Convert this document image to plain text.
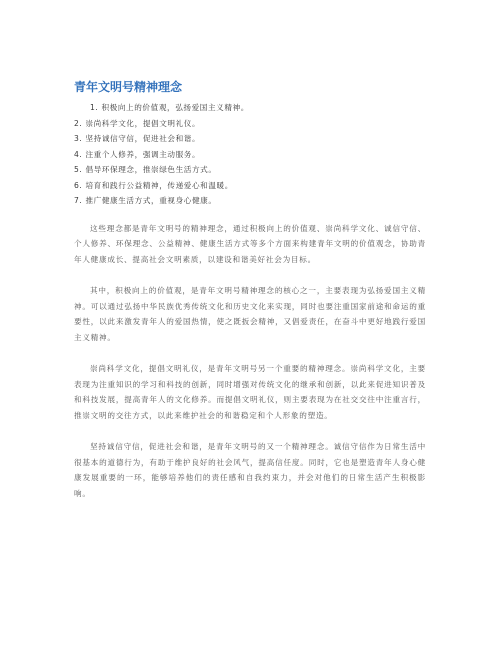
青年文明号精神理念
1. 积极向上的价值观，弘扬爱国主义精神。
2. 崇尚科学文化，提倡文明礼仪。
3. 坚持诚信守信，促进社会和谐。
4. 注重个人修养，强调主动服务。
5. 倡导环保理念，推崇绿色生活方式。
6. 培育和践行公益精神，传递爱心和温暖。
7. 推广健康生活方式，重视身心健康。

这些理念都是青年文明号的精神理念，通过积极向上的价值观、崇尚科学文化、诚信守信、个人修养、环保理念、公益精神、健康生活方式等多个方面来构建青年文明的价值观念，协助青年人健康成长、提高社会文明素质，以建设和谐美好社会为目标。

其中，积极向上的价值观，是青年文明号精神理念的核心之一，主要表现为弘扬爱国主义精神。可以通过弘扬中华民族优秀传统文化和历史文化来实现，同时也要注重国家前途和命运的重要性，以此来激发青年人的爱国热情，使之既扳会精神，又倡爱责任，在奋斗中更好地践行爱国主义精神。

崇尚科学文化，提倡文明礼仪，是青年文明号另一个重要的精神理念。崇尚科学文化，主要表现为注重知识的学习和科技的创新，同时增强对传统文化的继承和创新，以此来促进知识普及和科技发展，提高青年人的文化修养。而提倡文明礼仪，则主要表现为在社交交往中注重言行，推崇文明的交往方式，以此来维护社会的和谐稳定和个人形象的塑造。

坚持诚信守信，促进社会和谐，是青年文明号的又一个精神理念。诚信守信作为日常生活中很基本的道德行为，有助于维护良好的社会风气，提高信任度。同时，它也是塑造青年人身心健康发展重要的一环，能够培养他们的责任感和自我约束力，并会对他们的日常生活产生积极影响。
